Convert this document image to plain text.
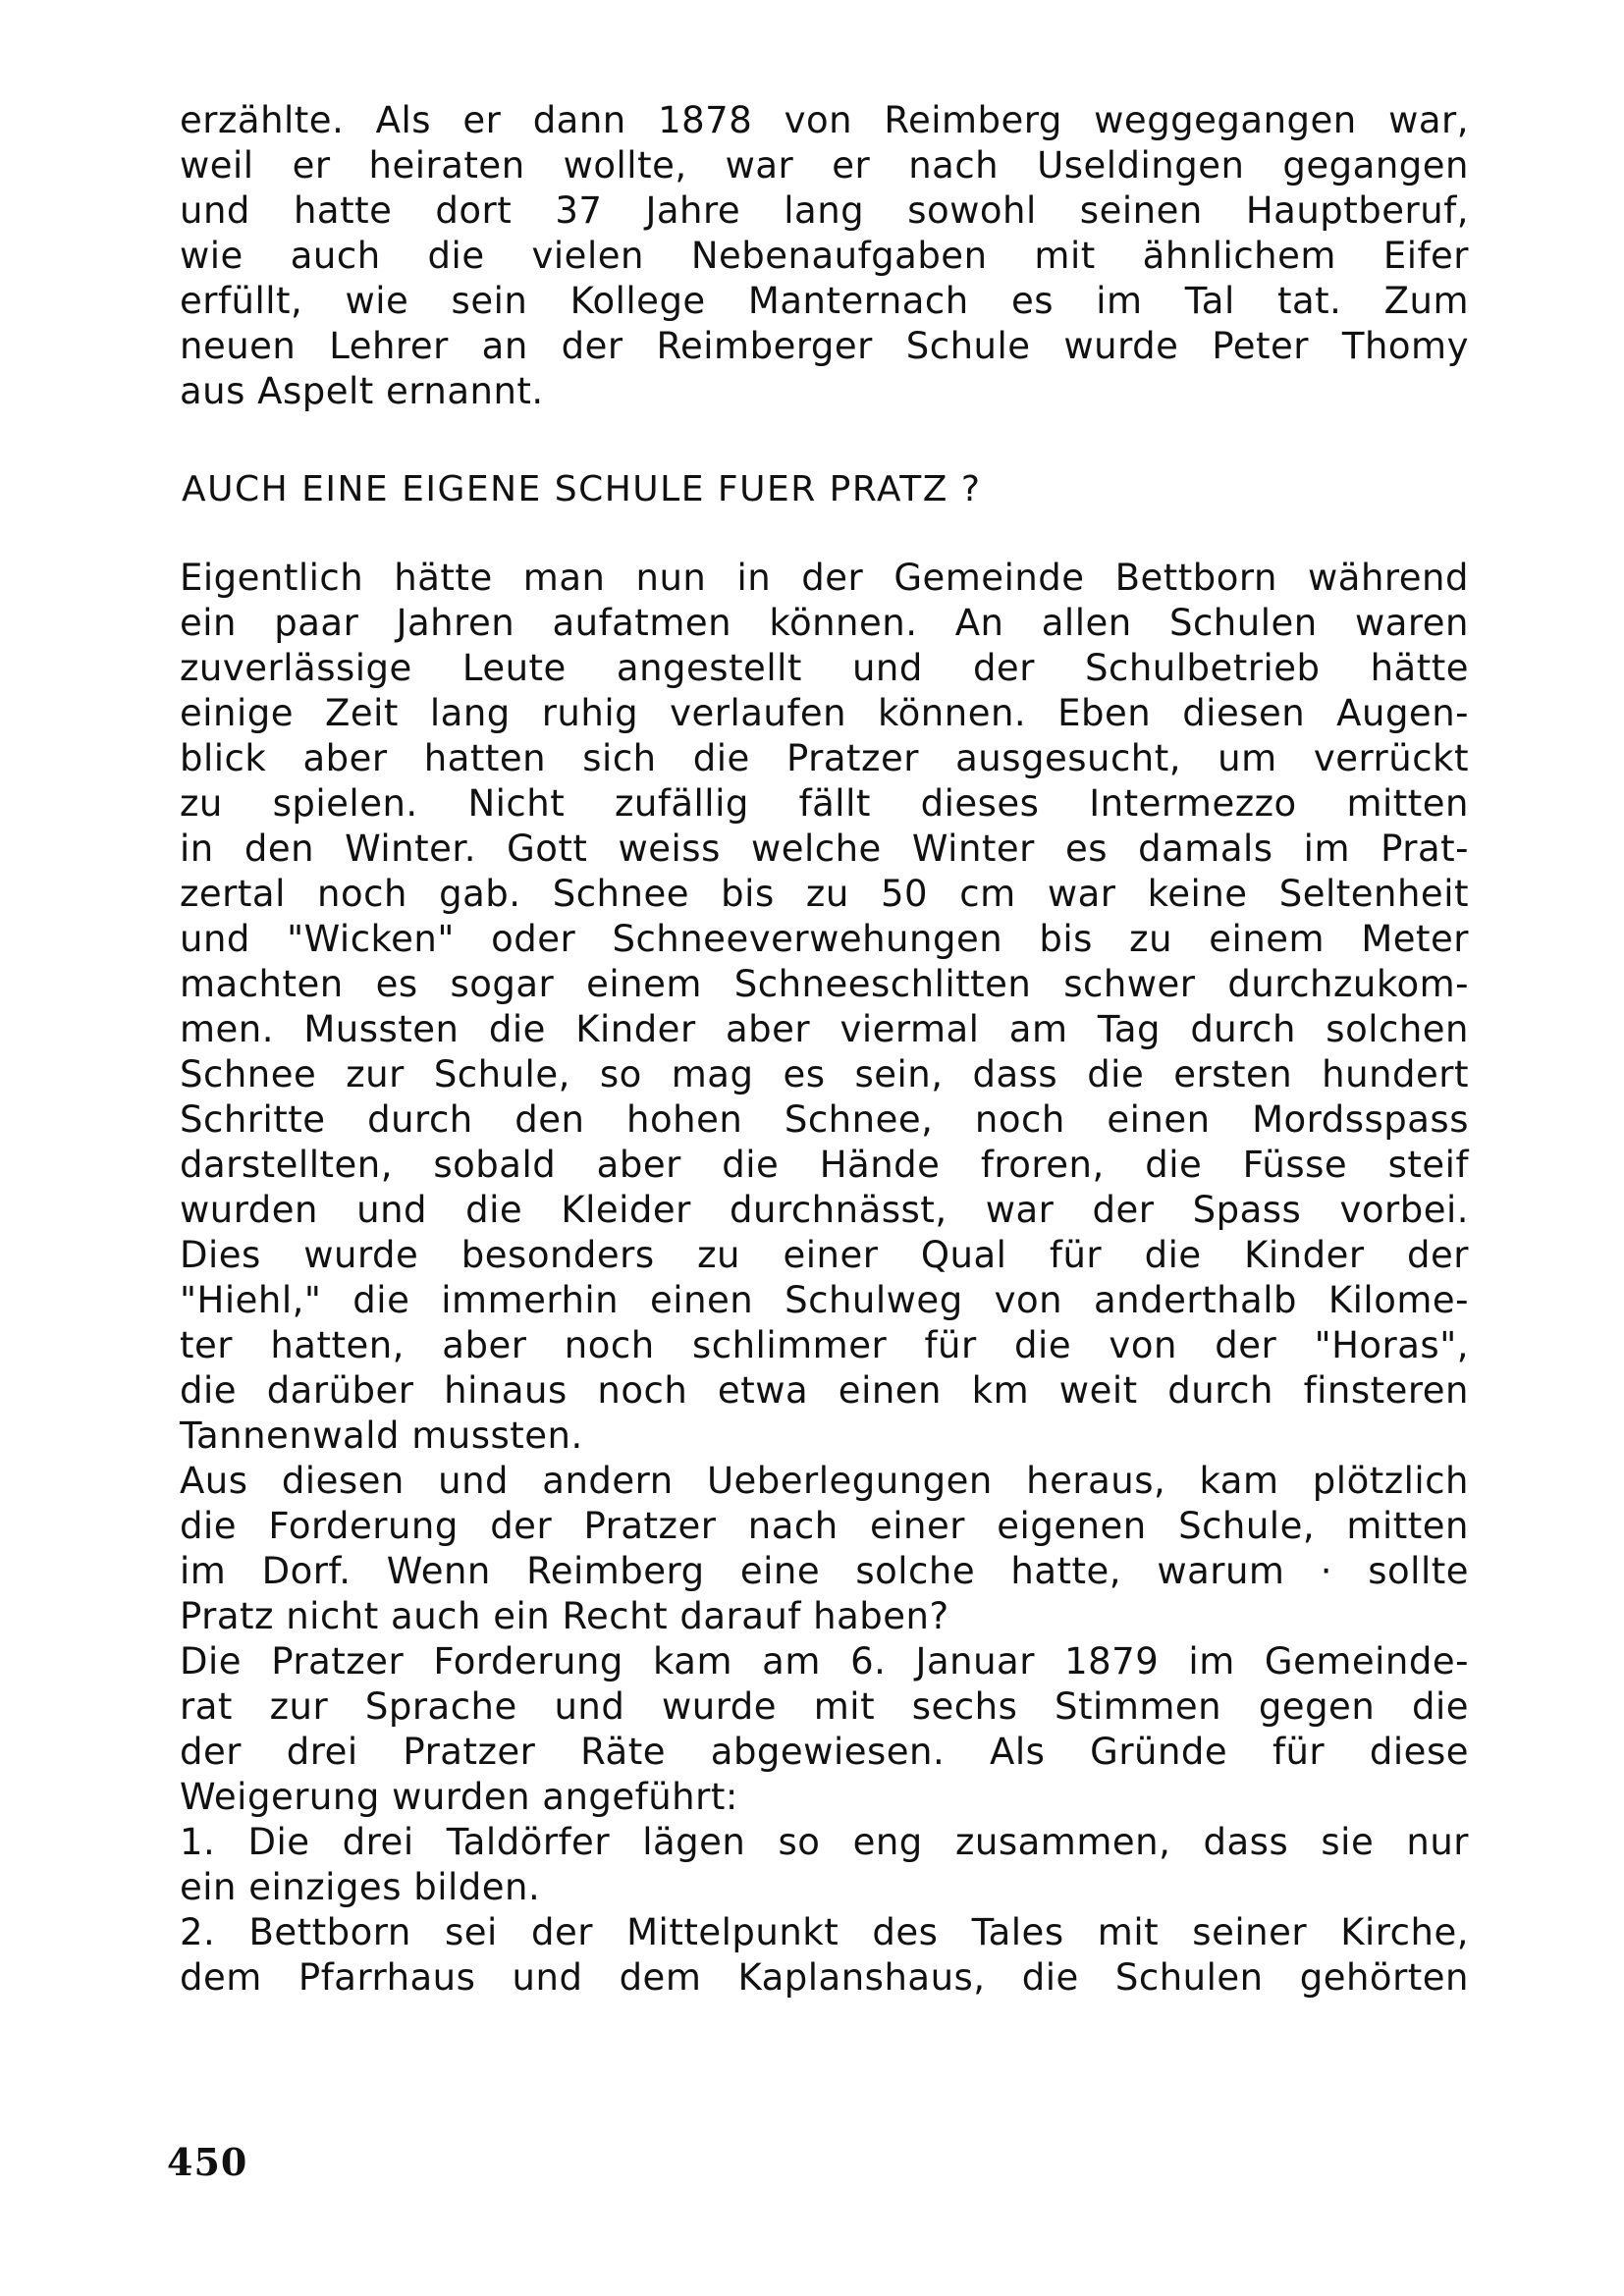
erzählte. Als er dann 1878 von Reimberg weggegangen war,
weil er heiraten wollte, war er nach Useldingen gegangen
und hatte dort 37 Jahre lang sowohl seinen Hauptberuf,
wie auch die vielen Nebenaufgaben mit ähnlichem Eifer
erfüllt, wie sein Kollege Manternach es im Tal tat. Zum
neuen Lehrer an der Reimberger Schule wurde Peter Thomy
aus Aspelt ernannt.
AUCH EINE EIGENE SCHULE FUER PRATZ ?
Eigentlich hätte man nun in der Gemeinde Bettborn während
ein paar Jahren aufatmen können. An allen Schulen waren
zuverlässige Leute angestellt und der Schulbetrieb hätte
einige Zeit lang ruhig verlaufen können. Eben diesen Augen-
blick aber hatten sich die Pratzer ausgesucht, um verrückt
zu spielen. Nicht zufällig fällt dieses Intermezzo mitten
in den Winter. Gott weiss welche Winter es damals im Prat-
zertal noch gab. Schnee bis zu 50 cm war keine Seltenheit
und "Wicken" oder Schneeverwehungen bis zu einem Meter
machten es sogar einem Schneeschlitten schwer durchzukom-
men. Mussten die Kinder aber viermal am Tag durch solchen
Schnee zur Schule, so mag es sein, dass die ersten hundert
Schritte durch den hohen Schnee, noch einen Mordsspass
darstellten, sobald aber die Hände froren, die Füsse steif
wurden und die Kleider durchnässt, war der Spass vorbei.
Dies wurde besonders zu einer Qual für die Kinder der
"Hiehl," die immerhin einen Schulweg von anderthalb Kilome-
ter hatten, aber noch schlimmer für die von der "Horas",
die darüber hinaus noch etwa einen km weit durch finsteren
Tannenwald mussten.
Aus diesen und andern Ueberlegungen heraus, kam plötzlich
die Forderung der Pratzer nach einer eigenen Schule, mitten
im Dorf. Wenn Reimberg eine solche hatte, warum · sollte
Pratz nicht auch ein Recht darauf haben?
Die Pratzer Forderung kam am 6. Januar 1879 im Gemeinde-
rat zur Sprache und wurde mit sechs Stimmen gegen die
der drei Pratzer Räte abgewiesen. Als Gründe für diese
Weigerung wurden angeführt:
1. Die drei Taldörfer lägen so eng zusammen, dass sie nur
ein einziges bilden.
2. Bettborn sei der Mittelpunkt des Tales mit seiner Kirche,
dem Pfarrhaus und dem Kaplanshaus, die Schulen gehörten
450
